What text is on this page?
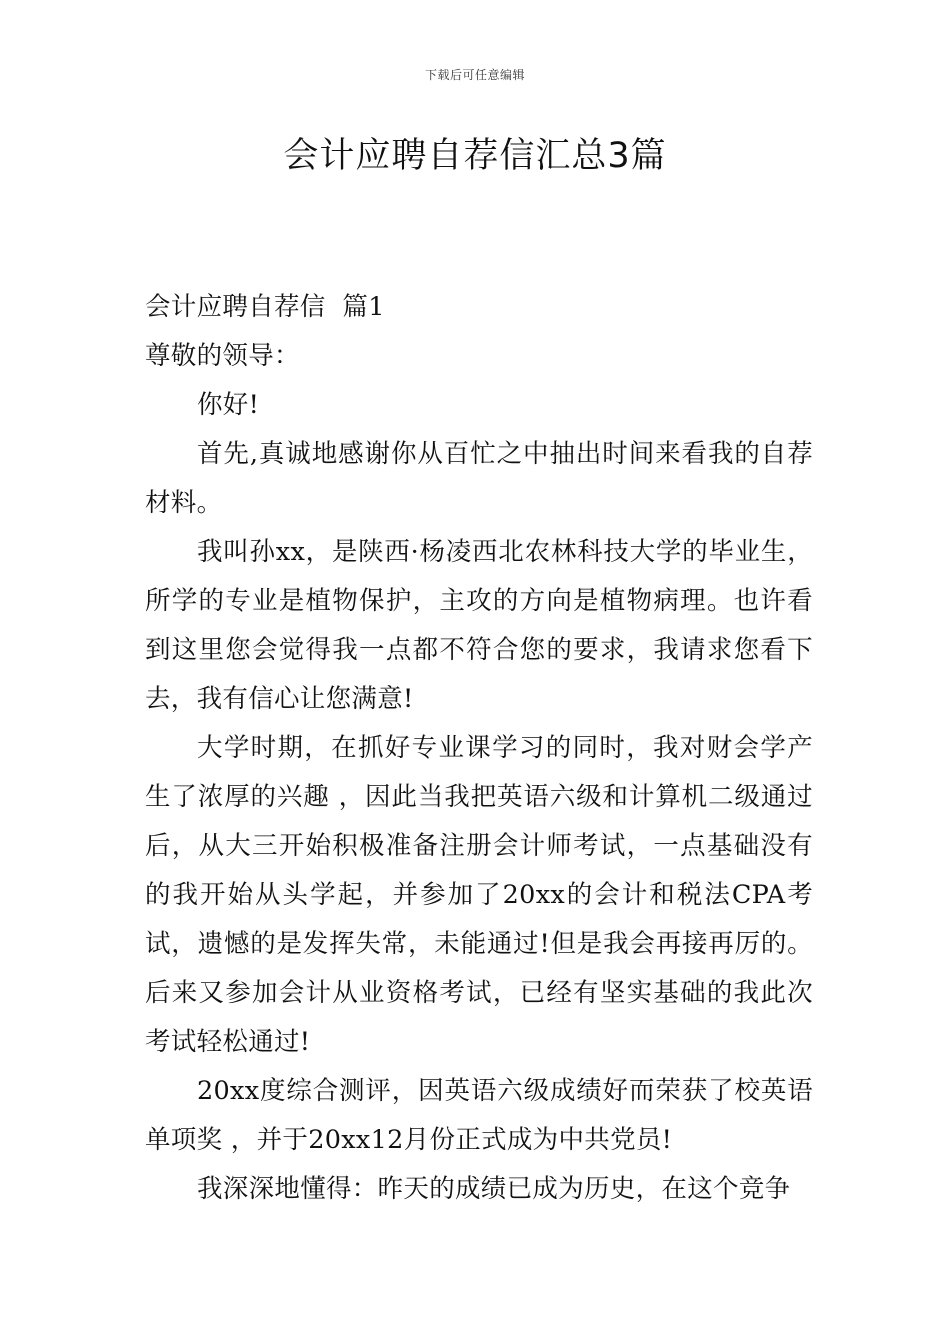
下载后可任意编辑
会计应聘自荐信汇总3篇

会计应聘自荐信  篇1

尊敬的领导：

你好!

首先,真诚地感谢你从百忙之中抽出时间来看我的自荐材料。

我叫孙xx，是陕西·杨凌西北农林科技大学的毕业生，所学的专业是植物保护，主攻的方向是植物病理。也许看到这里您会觉得我一点都不符合您的要求，我请求您看下去，我有信心让您满意!

大学时期，在抓好专业课学习的同时，我对财会学产生了浓厚的兴趣 ，因此当我把英语六级和计算机二级通过后，从大三开始积极准备注册会计师考试，一点基础没有的我开始从头学起，并参加了20xx的会计和税法CPA考试，遗憾的是发挥失常，未能通过!但是我会再接再厉的。后来又参加会计从业资格考试，已经有坚实基础的我此次考试轻松通过!

20xx度综合测评，因英语六级成绩好而荣获了校英语单项奖 ，并于20xx12月份正式成为中共党员!

我深深地懂得：昨天的成绩已成为历史，在这个竞争
